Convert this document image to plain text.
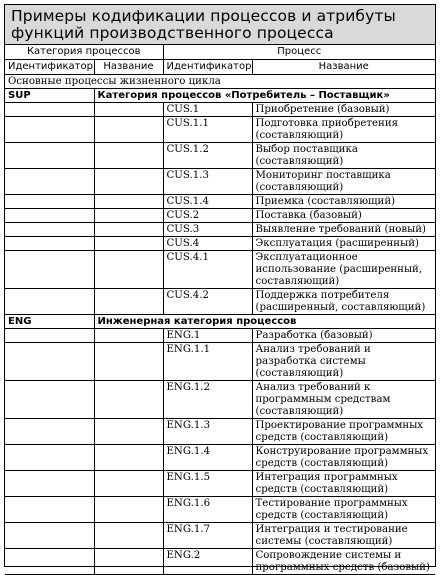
Примеры кодификации процессов и атрибуты функций производственного процесса
Категория процессов		Процесс	
Идентификатор	Название	Идентификатор	Название
Основные процессы жизненного цикла			
SUP	Категория процессов «Потребитель – Поставщик»		
		CUS.1	Приобретение (базовый)
		CUS.1.1	Подготовка приобретения (составляющий)
		CUS.1.2	Выбор поставщика (составляющий)
		CUS.1.3	Мониторинг поставщика (составляющий)
		CUS.1.4	Приемка (составляющий)
		CUS.2	Поставка (базовый)
		CUS.3	Выявление требований (новый)
		CUS.4	Эксплуатация (расширенный)
		CUS.4.1	Эксплуатационное использование (расширенный, составляющий)
		CUS.4.2	Поддержка потребителя (расширенный, составляющий)
ENG	Инженерная категория процессов		
		ENG.1	Разработка (базовый)
		ENG.1.1	Анализ требований и разработка системы (составляющий)
		ENG.1.2	Анализ требований к программным средствам (составляющий)
		ENG.1.3	Проектирование программных средств (составляющий)
		ENG.1.4	Конструирование программных средств (составляющий)
		ENG.1.5	Интеграция программных средств (составляющий)
		ENG.1.6	Тестирование программных средств (составляющий)
		ENG.1.7	Интеграция и тестирование системы (составляющий)
		ENG.2	Сопровождение системы и программных средств (базовый)
